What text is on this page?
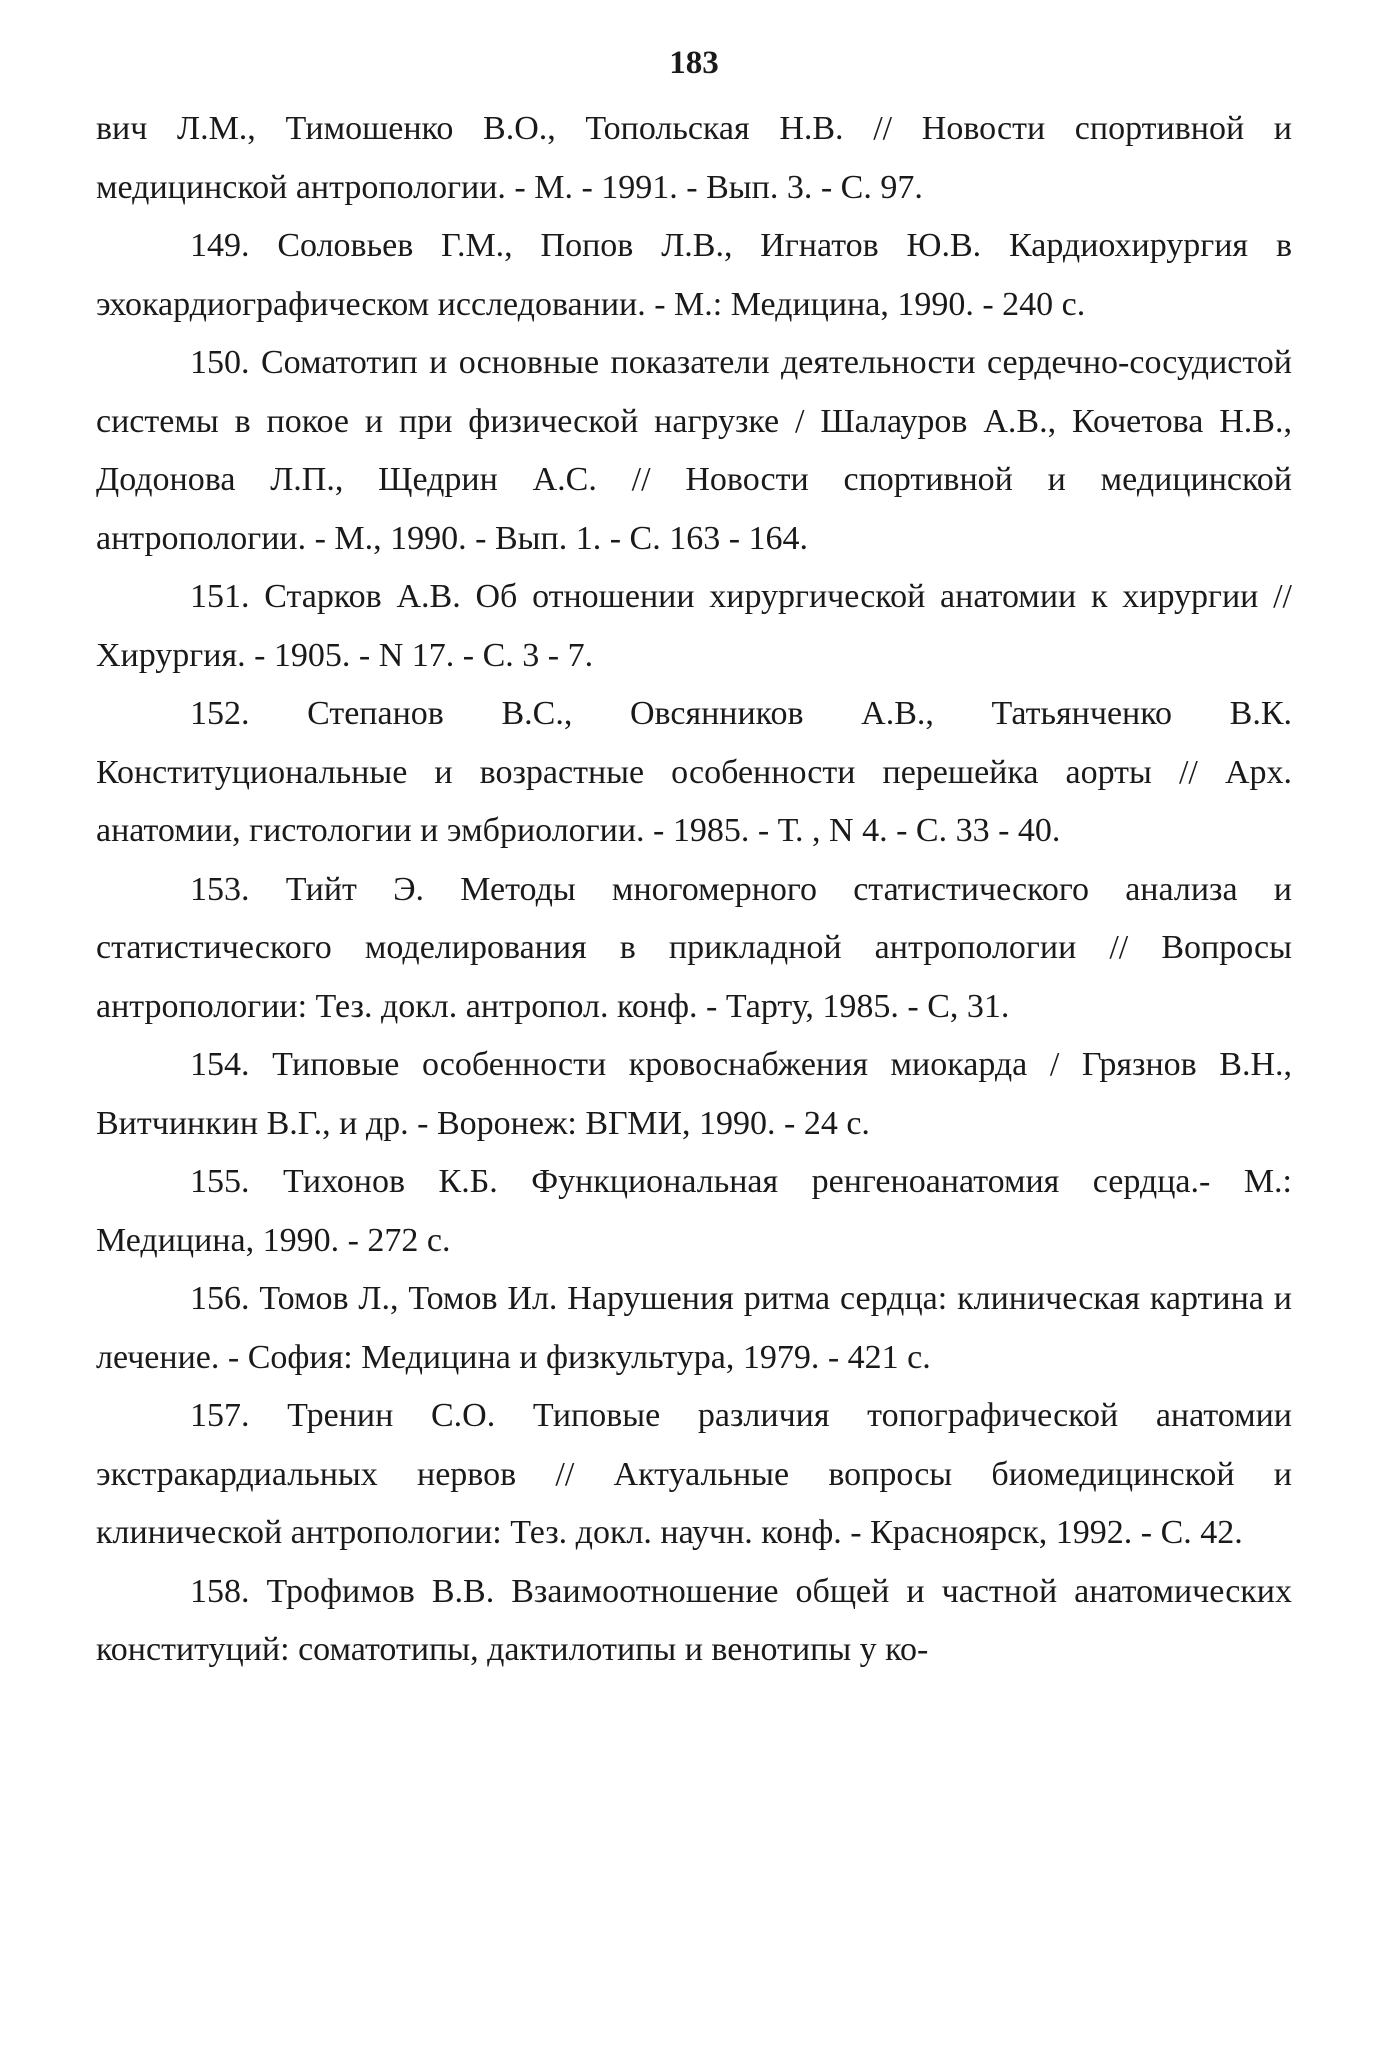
183

вич Л.М., Тимошенко В.О., Топольская Н.В. // Новости спортивной и медицинской антропологии. - М. - 1991. - Вып. 3. - С. 97.

149. Соловьев Г.М., Попов Л.В., Игнатов Ю.В. Кардиохирургия в эхокардиографическом исследовании. - М.: Медицина, 1990. - 240 с.

150. Соматотип и основные показатели деятельности сердечно-сосудистой системы в покое и при физической нагрузке / Шалауров А.В., Кочетова Н.В., Додонова Л.П., Щедрин А.С. // Новости спортивной и медицинской антропологии. - М., 1990. - Вып. 1. - С. 163 - 164.

151. Старков А.В. Об отношении хирургической анатомии к хирургии // Хирургия. - 1905. - N 17. - С. 3 - 7.

152. Степанов В.С., Овсянников А.В., Татьянченко В.К. Конституциональные и возрастные особенности перешейка аорты // Арх. анатомии, гистологии и эмбриологии. - 1985. - Т. , N 4. - С. 33 - 40.

153. Тийт Э. Методы многомерного статистического анализа и статистического моделирования в прикладной антропологии // Вопросы антропологии: Тез. докл. антропол. конф. - Тарту, 1985. - С, 31.

154. Типовые особенности кровоснабжения миокарда / Грязнов В.Н., Витчинкин В.Г., и др. - Воронеж: ВГМИ, 1990. - 24 с.

155. Тихонов К.Б. Функциональная ренгеноанатомия сердца.- М.: Медицина, 1990. - 272 с.

156. Томов Л., Томов Ил. Нарушения ритма сердца: клиническая картина и лечение. - София: Медицина и физкультура, 1979. - 421 с.

157. Тренин С.О. Типовые различия топографической анатомии экстракардиальных нервов // Актуальные вопросы биомедицинской и клинической антропологии: Тез. докл. научн. конф. - Красноярск, 1992. - С. 42.

158. Трофимов В.В. Взаимоотношение общей и частной анатомических конституций: соматотипы, дактилотипы и венотипы у ко-
